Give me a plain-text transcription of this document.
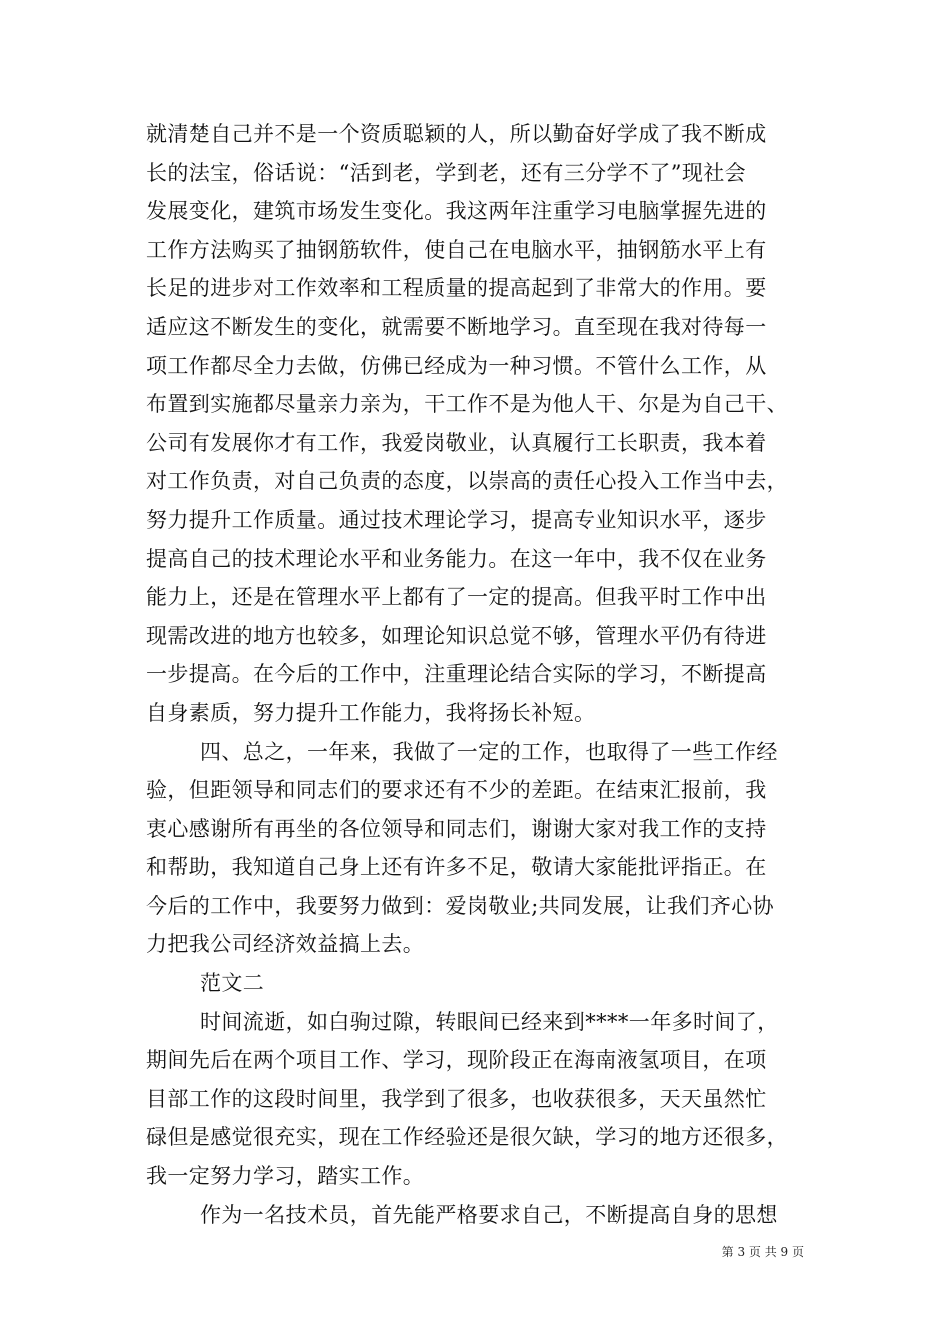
就清楚自己并不是一个资质聪颖的人，所以勤奋好学成了我不断成
长的法宝，俗话说：“活到老，学到老，还有三分学不了”现社会
发展变化，建筑市场发生变化。我这两年注重学习电脑掌握先进的
工作方法购买了抽钢筋软件，使自己在电脑水平，抽钢筋水平上有
长足的进步对工作效率和工程质量的提高起到了非常大的作用。要
适应这不断发生的变化，就需要不断地学习。直至现在我对待每一
项工作都尽全力去做，仿佛已经成为一种习惯。不管什么工作，从
布置到实施都尽量亲力亲为，干工作不是为他人干、尔是为自己干、
公司有发展你才有工作，我爱岗敬业，认真履行工长职责，我本着
对工作负责，对自己负责的态度，以崇高的责任心投入工作当中去，
努力提升工作质量。通过技术理论学习，提高专业知识水平，逐步
提高自己的技术理论水平和业务能力。在这一年中，我不仅在业务
能力上，还是在管理水平上都有了一定的提高。但我平时工作中出
现需改进的地方也较多，如理论知识总觉不够，管理水平仍有待进
一步提高。在今后的工作中，注重理论结合实际的学习，不断提高
自身素质，努力提升工作能力，我将扬长补短。
四、总之，一年来，我做了一定的工作，也取得了一些工作经
验，但距领导和同志们的要求还有不少的差距。在结束汇报前，我
衷心感谢所有再坐的各位领导和同志们，谢谢大家对我工作的支持
和帮助，我知道自己身上还有许多不足，敬请大家能批评指正。在
今后的工作中，我要努力做到：爱岗敬业;共同发展，让我们齐心协
力把我公司经济效益搞上去。
范文二
时间流逝，如白驹过隙，转眼间已经来到****一年多时间了，
期间先后在两个项目工作、学习，现阶段正在海南液氢项目，在项
目部工作的这段时间里，我学到了很多，也收获很多，天天虽然忙
碌但是感觉很充实，现在工作经验还是很欠缺，学习的地方还很多，
我一定努力学习，踏实工作。
作为一名技术员，首先能严格要求自己，不断提高自身的思想
第 3 页 共 9 页
